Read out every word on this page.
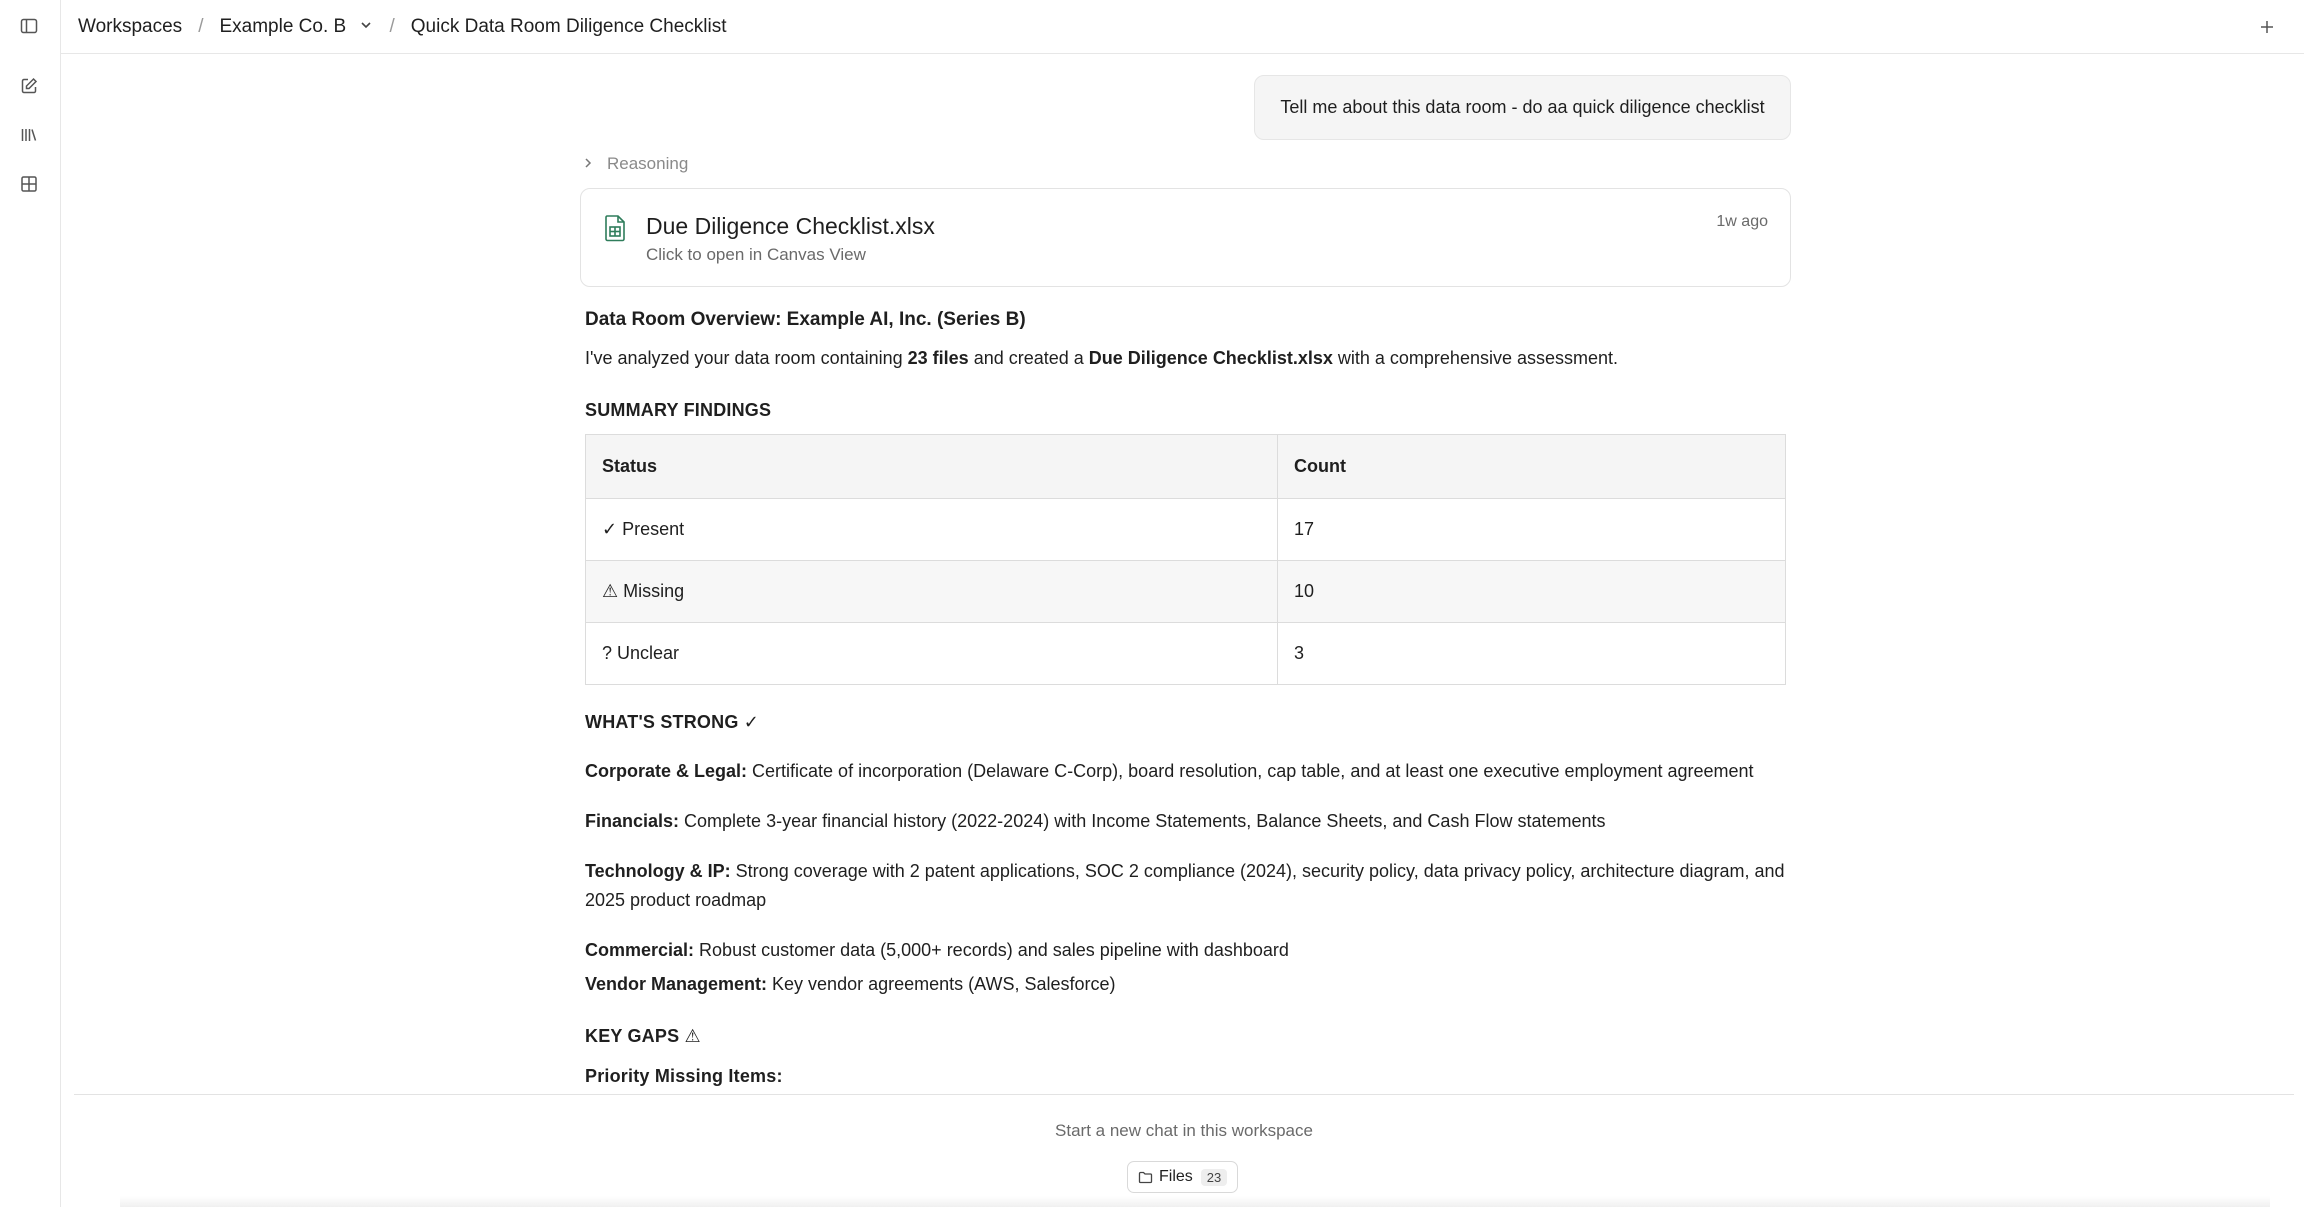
Workspaces / Example Co. B	/ Quick Data Room Diligence Checklist
Tell me about this data room - do aa quick diligence checklist
Reasoning
Due Diligence Checklist.xlsx
Click to open in Canvas View
1w ago
Data Room Overview: Example AI, Inc. (Series B)
I've analyzed your data room containing 23 files and created a Due Diligence Checklist.xlsx with a comprehensive assessment.
SUMMARY FINDINGS
Status	Count
✓ Present	17
⚠ Missing	10
? Unclear	3
WHAT'S STRONG ✓
Corporate & Legal: Certificate of incorporation (Delaware C-Corp), board resolution, cap table, and at least one executive employment agreement
Financials: Complete 3-year financial history (2022-2024) with Income Statements, Balance Sheets, and Cash Flow statements
Technology & IP: Strong coverage with 2 patent applications, SOC 2 compliance (2024), security policy, data privacy policy, architecture diagram, and 2025 product roadmap
Commercial: Robust customer data (5,000+ records) and sales pipeline with dashboard
Vendor Management: Key vendor agreements (AWS, Salesforce)
KEY GAPS ⚠
Priority Missing Items:
Start a new chat in this workspace
Files	23
